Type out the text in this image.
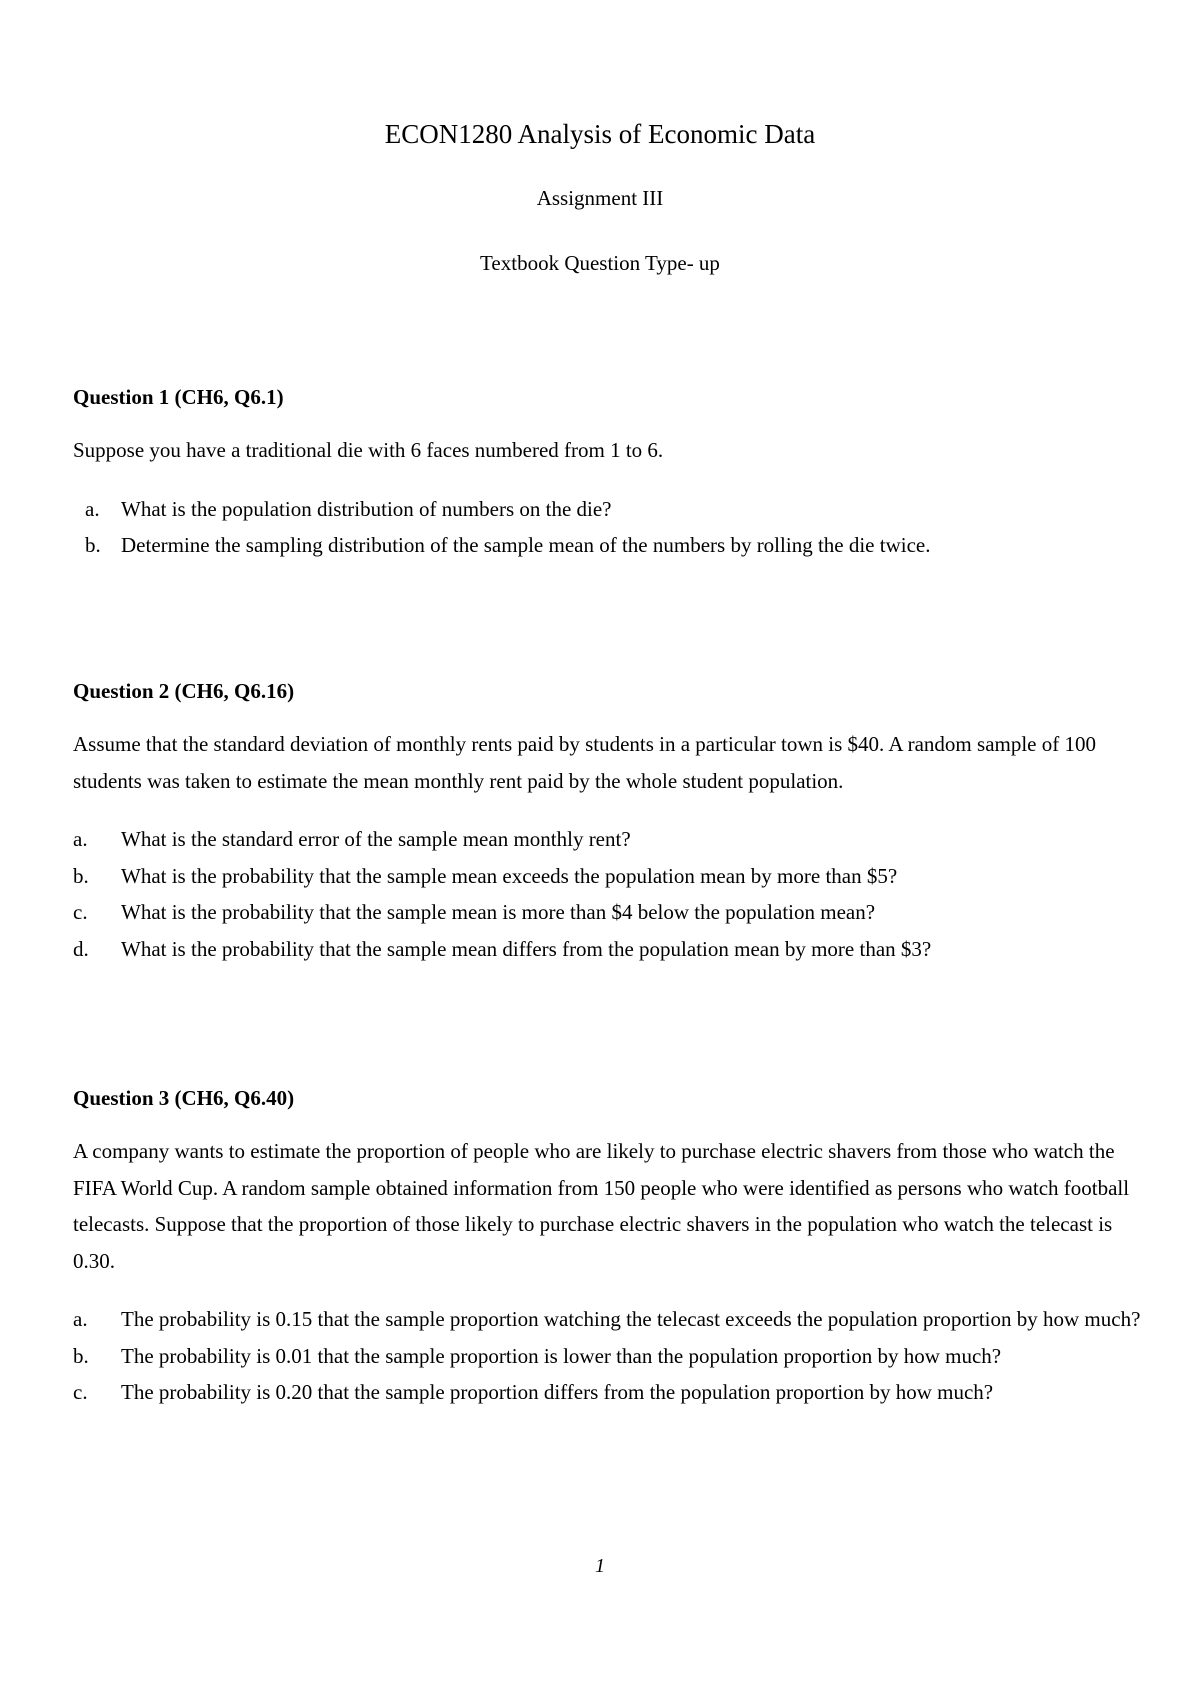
ECON1280 Analysis of Economic Data
Assignment III
Textbook Question Type- up

Question 1 (CH6, Q6.1)

Suppose you have a traditional die with 6 faces numbered from 1 to 6.

a. What is the population distribution of numbers on the die?
b. Determine the sampling distribution of the sample mean of the numbers by rolling the die twice.

Question 2 (CH6, Q6.16)

Assume that the standard deviation of monthly rents paid by students in a particular town is $40. A random sample of 100 students was taken to estimate the mean monthly rent paid by the whole student population.

a. What is the standard error of the sample mean monthly rent?
b. What is the probability that the sample mean exceeds the population mean by more than $5?
c. What is the probability that the sample mean is more than $4 below the population mean?
d. What is the probability that the sample mean differs from the population mean by more than $3?

Question 3 (CH6, Q6.40)

A company wants to estimate the proportion of people who are likely to purchase electric shavers from those who watch the FIFA World Cup. A random sample obtained information from 150 people who were identified as persons who watch football telecasts. Suppose that the proportion of those likely to purchase electric shavers in the population who watch the telecast is 0.30.

a. The probability is 0.15 that the sample proportion watching the telecast exceeds the population proportion by how much?
b. The probability is 0.01 that the sample proportion is lower than the population proportion by how much?
c. The probability is 0.20 that the sample proportion differs from the population proportion by how much?
1
